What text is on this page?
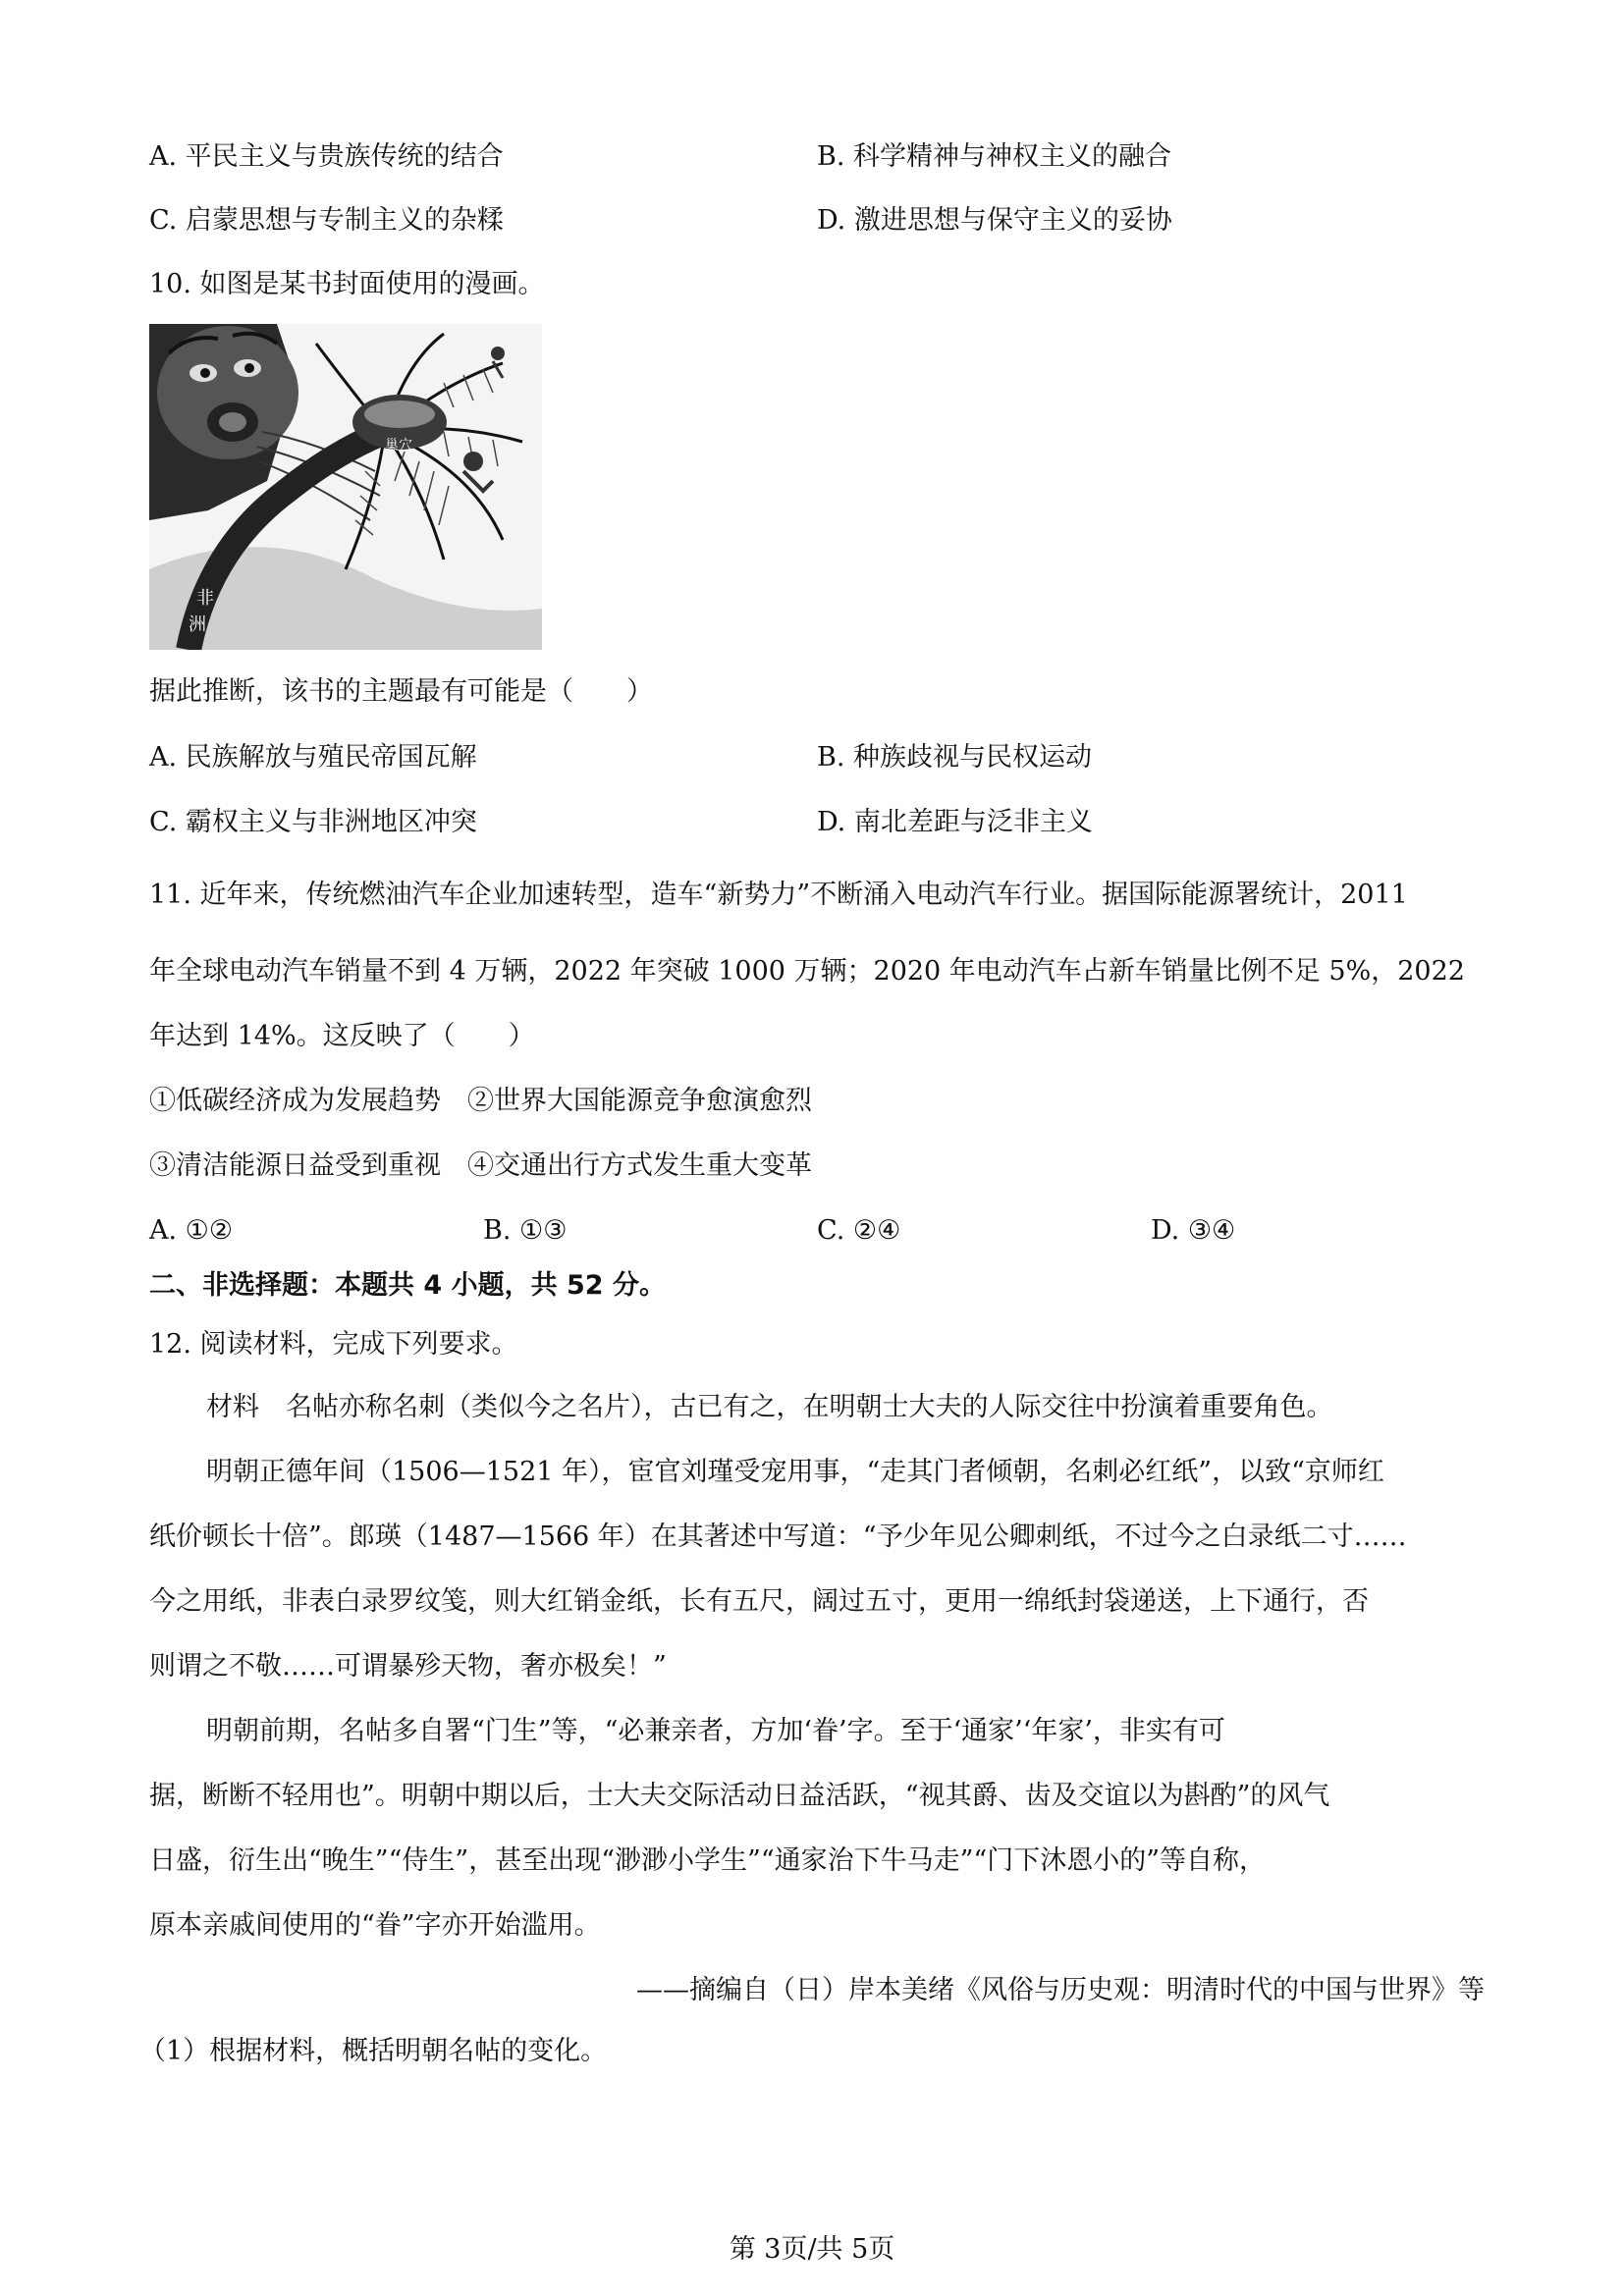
A. 平民主义与贵族传统的结合	B. 科学精神与神权主义的融合
C. 启蒙思想与专制主义的杂糅	D. 激进思想与保守主义的妥协
10. 如图是某书封面使用的漫画。
非
洲
巢穴
据此推断，该书的主题最有可能是（　　）
A. 民族解放与殖民帝国瓦解	B. 种族歧视与民权运动
C. 霸权主义与非洲地区冲突	D. 南北差距与泛非主义
11. 近年来，传统燃油汽车企业加速转型，造车“新势力”不断涌入电动汽车行业。据国际能源署统计，2011
年全球电动汽车销量不到 4 万辆，2022 年突破 1000 万辆；2020 年电动汽车占新车销量比例不足 5%，2022
年达到 14%。这反映了（　　）
①低碳经济成为发展趋势　②世界大国能源竞争愈演愈烈
③清洁能源日益受到重视　④交通出行方式发生重大变革
A. ①②	B. ①③	C. ②④	D. ③④
二、非选择题：本题共 4 小题，共 52 分。
12. 阅读材料，完成下列要求。
材料　名帖亦称名刺（类似今之名片），古已有之，在明朝士大夫的人际交往中扮演着重要角色。
明朝正德年间（1506—1521 年），宦官刘瑾受宠用事，“走其门者倾朝，名刺必红纸”，以致“京师红
纸价顿长十倍”。郎瑛（1487—1566 年）在其著述中写道：“予少年见公卿刺纸，不过今之白录纸二寸……
今之用纸，非表白录罗纹笺，则大红销金纸，长有五尺，阔过五寸，更用一绵纸封袋递送，上下通行，否
则谓之不敬……可谓暴殄天物，奢亦极矣！”
明朝前期，名帖多自署“门生”等，“必兼亲者，方加‘眷’字。至于‘通家’‘年家’，非实有可
据，断断不轻用也”。明朝中期以后，士大夫交际活动日益活跃，“视其爵、齿及交谊以为斟酌”的风气
日盛，衍生出“晚生”“侍生”，甚至出现“渺渺小学生”“通家治下牛马走”“门下沐恩小的”等自称，
原本亲戚间使用的“眷”字亦开始滥用。
——摘编自（日）岸本美绪《风俗与历史观：明清时代的中国与世界》等
（1）根据材料，概括明朝名帖的变化。
第 3页/共 5页
